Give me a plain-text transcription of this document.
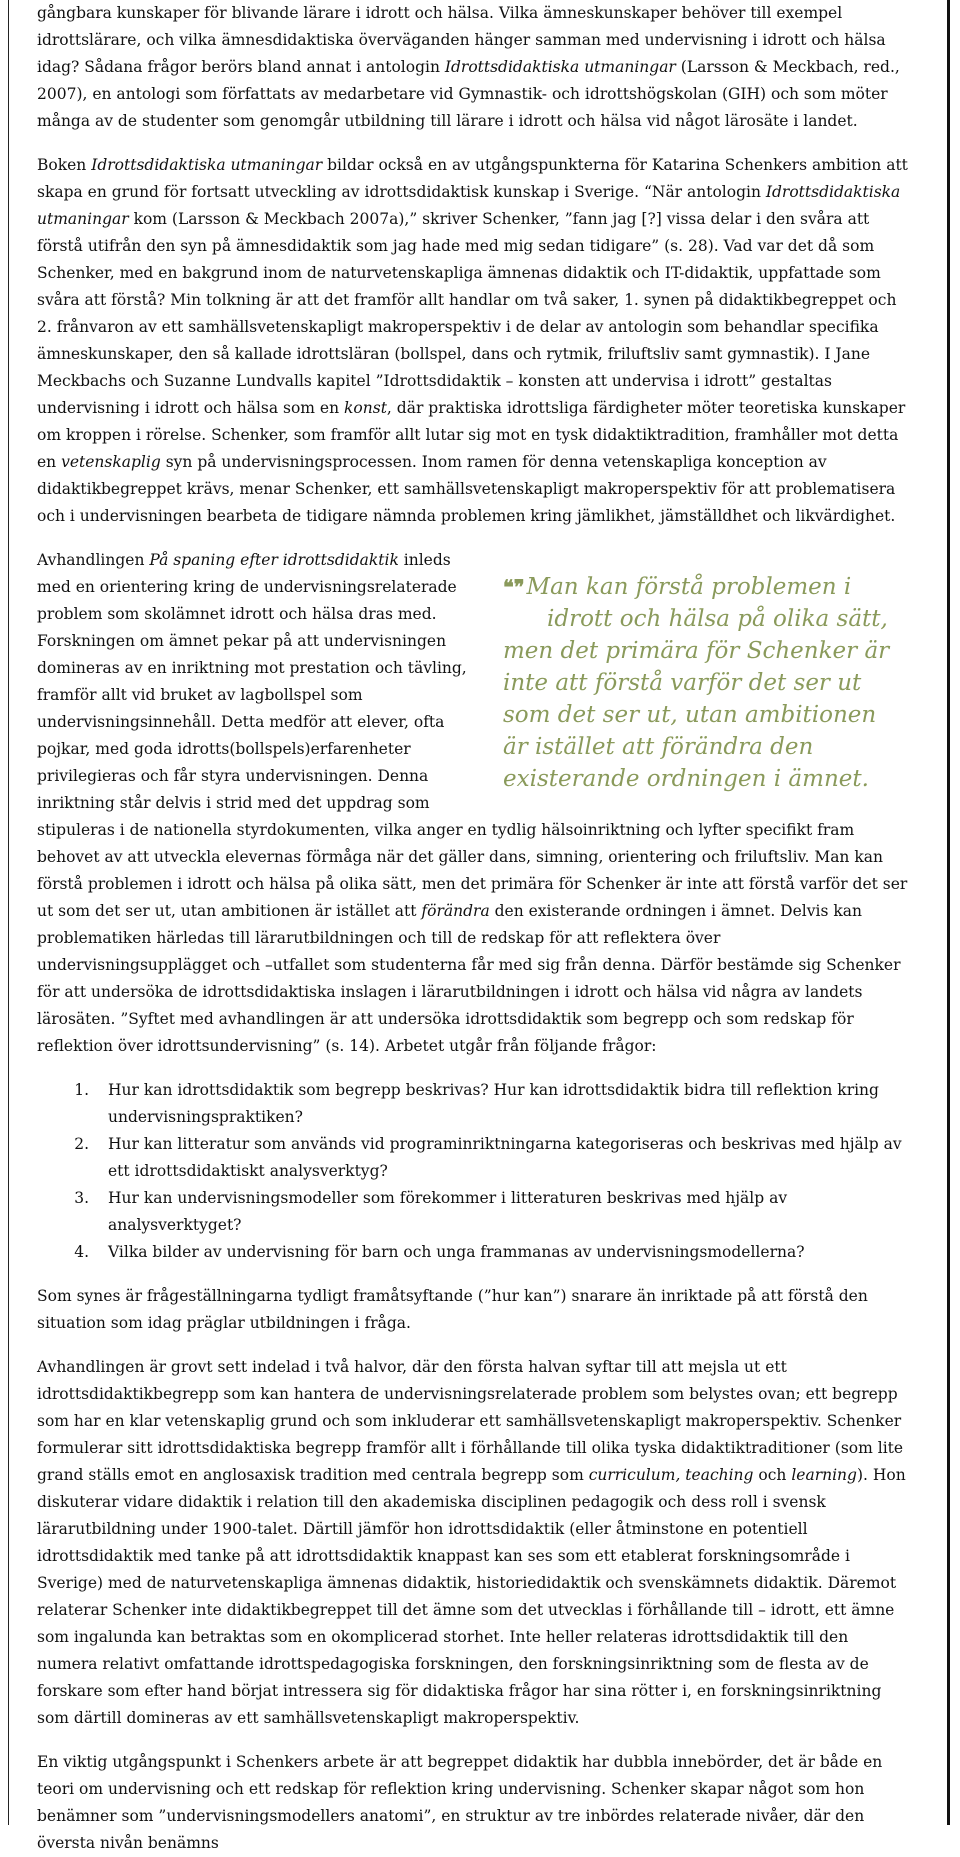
gångbara kunskaper för blivande lärare i idrott och hälsa. Vilka ämneskunskaper behöver till exempel idrottslärare, och vilka ämnesdidaktiska överväganden hänger samman med undervisning i idrott och hälsa idag? Sådana frågor berörs bland annat i antologin Idrottsdidaktiska utmaningar (Larsson & Meckbach, red., 2007), en antologi som författats av medarbetare vid Gymnastik- och idrottshögskolan (GIH) och som möter många av de studenter som genomgår utbildning till lärare i idrott och hälsa vid något lärosäte i landet.

Boken Idrottsdidaktiska utmaningar bildar också en av utgångspunkterna för Katarina Schenkers ambition att skapa en grund för fortsatt utveckling av idrottsdidaktisk kunskap i Sverige. “När antologin Idrottsdidaktiska utmaningar kom (Larsson & Meckbach 2007a),” skriver Schenker, ”fann jag [?] vissa delar i den svåra att förstå utifrån den syn på ämnesdidaktik som jag hade med mig sedan tidigare” (s. 28). Vad var det då som Schenker, med en bakgrund inom de naturvetenskapliga ämnenas didaktik och IT-didaktik, uppfattade som svåra att förstå? Min tolkning är att det framför allt handlar om två saker, 1. synen på didaktikbegreppet och 2. frånvaron av ett samhällsvetenskapligt makroperspektiv i de delar av antologin som behandlar specifika ämneskunskaper, den så kallade idrottsläran (bollspel, dans och rytmik, friluftsliv samt gymnastik). I Jane Meckbachs och Suzanne Lundvalls kapitel ”Idrottsdidaktik – konsten att undervisa i idrott” gestaltas undervisning i idrott och hälsa som en konst, där praktiska idrottsliga färdigheter möter teoretiska kunskaper om kroppen i rörelse. Schenker, som framför allt lutar sig mot en tysk didaktiktradition, framhåller mot detta en vetenskaplig syn på undervisningsprocessen. Inom ramen för denna vetenskapliga konception av didaktikbegreppet krävs, menar Schenker, ett samhällsvetenskapligt makroperspektiv för att problematisera och i undervisningen bearbeta de tidigare nämnda problemen kring jämlikhet, jämställdhet och likvärdighet.

❝❞Man kan förstå problemen i
idrott och hälsa på olika sätt,
men det primära för Schenker är inte att förstå varför det ser ut som det ser ut, utan ambitionen är istället att förändra den existerande ordningen i ämnet.

Avhandlingen På spaning efter idrottsdidaktik inleds med en orientering kring de undervisningsrelaterade problem som skolämnet idrott och hälsa dras med. Forskningen om ämnet pekar på att undervisningen domineras av en inriktning mot prestation och tävling, framför allt vid bruket av lagbollspel som undervisningsinnehåll. Detta medför att elever, ofta pojkar, med goda idrotts(bollspels)erfarenheter privilegieras och får styra undervisningen. Denna inriktning står delvis i strid med det uppdrag som stipuleras i de nationella styrdokumenten, vilka anger en tydlig hälsoinriktning och lyfter specifikt fram behovet av att utveckla elevernas förmåga när det gäller dans, simning, orientering och friluftsliv. Man kan förstå problemen i idrott och hälsa på olika sätt, men det primära för Schenker är inte att förstå varför det ser ut som det ser ut, utan ambitionen är istället att förändra den existerande ordningen i ämnet. Delvis kan problematiken härledas till lärarutbildningen och till de redskap för att reflektera över undervisningsupplägget och –utfallet som studenterna får med sig från denna. Därför bestämde sig Schenker för att undersöka de idrottsdidaktiska inslagen i lärarutbildningen i idrott och hälsa vid några av landets lärosäten. ”Syftet med avhandlingen är att undersöka idrottsdidaktik som begrepp och som redskap för reflektion över idrottsundervisning” (s. 14). Arbetet utgår från följande frågor:

1. Hur kan idrottsdidaktik som begrepp beskrivas? Hur kan idrottsdidaktik bidra till reflektion kring undervisningspraktiken?
2. Hur kan litteratur som används vid programinriktningarna kategoriseras och beskrivas med hjälp av ett idrottsdidaktiskt analysverktyg?
3. Hur kan undervisningsmodeller som förekommer i litteraturen beskrivas med hjälp av analysverktyget?
4. Vilka bilder av undervisning för barn och unga frammanas av undervisningsmodellerna?

Som synes är frågeställningarna tydligt framåtsyftande (”hur kan”) snarare än inriktade på att förstå den situation som idag präglar utbildningen i fråga.

Avhandlingen är grovt sett indelad i två halvor, där den första halvan syftar till att mejsla ut ett idrottsdidaktikbegrepp som kan hantera de undervisningsrelaterade problem som belystes ovan; ett begrepp som har en klar vetenskaplig grund och som inkluderar ett samhällsvetenskapligt makroperspektiv. Schenker formulerar sitt idrottsdidaktiska begrepp framför allt i förhållande till olika tyska didaktiktraditioner (som lite grand ställs emot en anglosaxisk tradition med centrala begrepp som curriculum, teaching och learning). Hon diskuterar vidare didaktik i relation till den akademiska disciplinen pedagogik och dess roll i svensk lärarutbildning under 1900-talet. Därtill jämför hon idrottsdidaktik (eller åtminstone en potentiell idrottsdidaktik med tanke på att idrottsdidaktik knappast kan ses som ett etablerat forskningsområde i Sverige) med de naturvetenskapliga ämnenas didaktik, historiedidaktik och svenskämnets didaktik. Däremot relaterar Schenker inte didaktikbegreppet till det ämne som det utvecklas i förhållande till – idrott, ett ämne som ingalunda kan betraktas som en okomplicerad storhet. Inte heller relateras idrottsdidaktik till den numera relativt omfattande idrottspedagogiska forskningen, den forskningsinriktning som de flesta av de forskare som efter hand börjat intressera sig för didaktiska frågor har sina rötter i, en forskningsinriktning som därtill domineras av ett samhällsvetenskapligt makroperspektiv.

En viktig utgångspunkt i Schenkers arbete är att begreppet didaktik har dubbla innebörder, det är både en teori om undervisning och ett redskap för reflektion kring undervisning. Schenker skapar något som hon benämner som ”undervisningsmodellers anatomi”, en struktur av tre inbördes relaterade nivåer, där den översta nivån benämns
